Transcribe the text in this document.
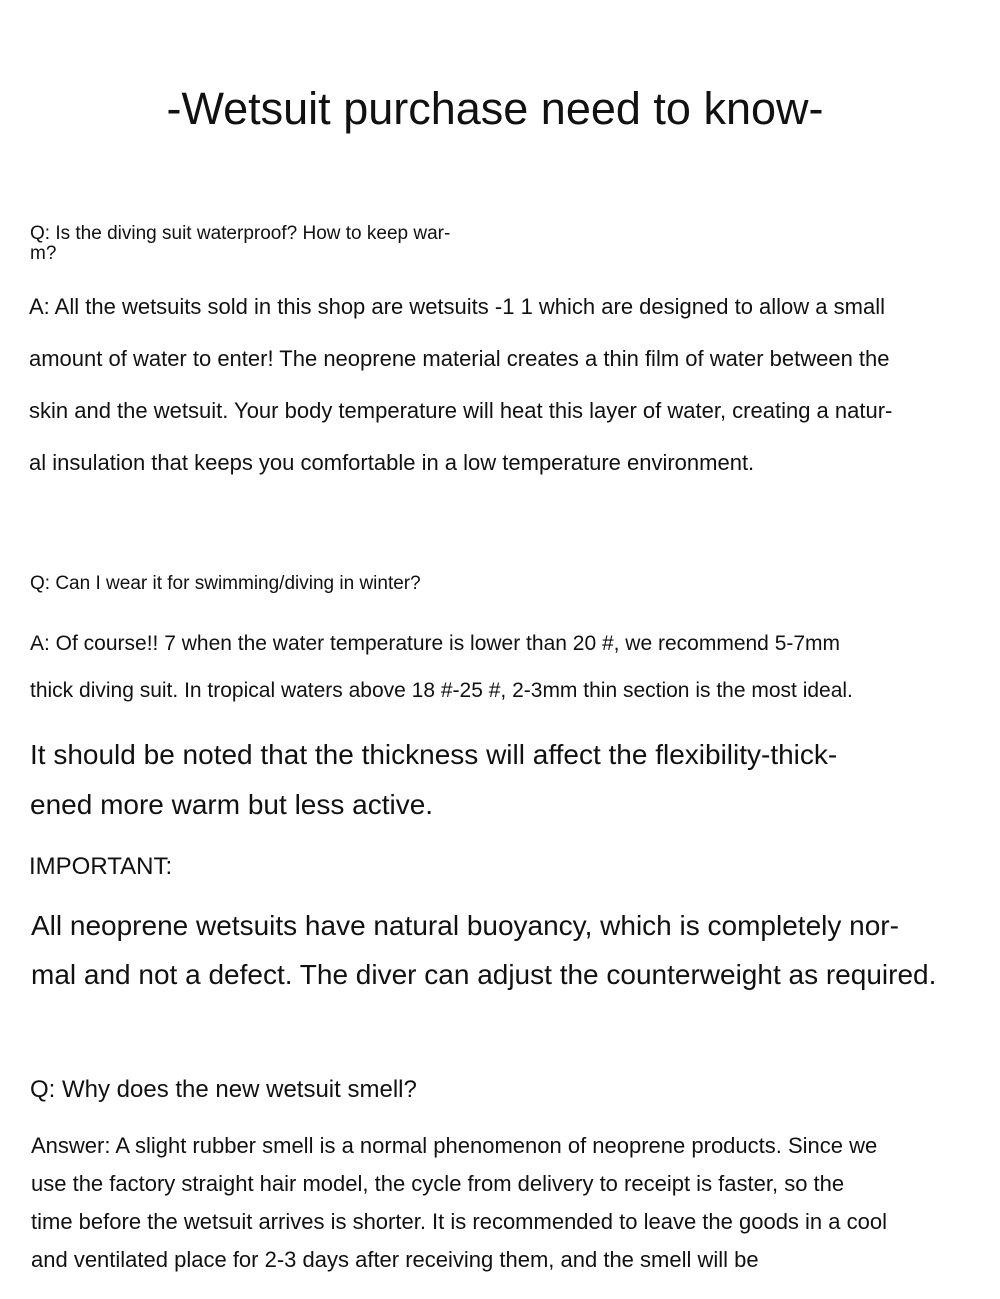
-Wetsuit purchase need to know-
Q: Is the diving suit waterproof? How to keep war-
m?
A: All the wetsuits sold in this shop are wetsuits -1 1 which are designed to allow a small
amount of water to enter! The neoprene material creates a thin film of water between the
skin and the wetsuit. Your body temperature will heat this layer of water, creating a natur-
al insulation that keeps you comfortable in a low temperature environment.
Q: Can I wear it for swimming/diving in winter?
A: Of course!! 7 when the water temperature is lower than 20 #, we recommend 5-7mm
thick diving suit. In tropical waters above 18 #-25 #, 2-3mm thin section is the most ideal.
It should be noted that the thickness will affect the flexibility-thick-
ened more warm but less active.
IMPORTANT:
All neoprene wetsuits have natural buoyancy, which is completely nor-
mal and not a defect. The diver can adjust the counterweight as required.
Q: Why does the new wetsuit smell?
Answer: A slight rubber smell is a normal phenomenon of neoprene products. Since we
use the factory straight hair model, the cycle from delivery to receipt is faster, so the
time before the wetsuit arrives is shorter. It is recommended to leave the goods in a cool
and ventilated place for 2-3 days after receiving them, and the smell will be
